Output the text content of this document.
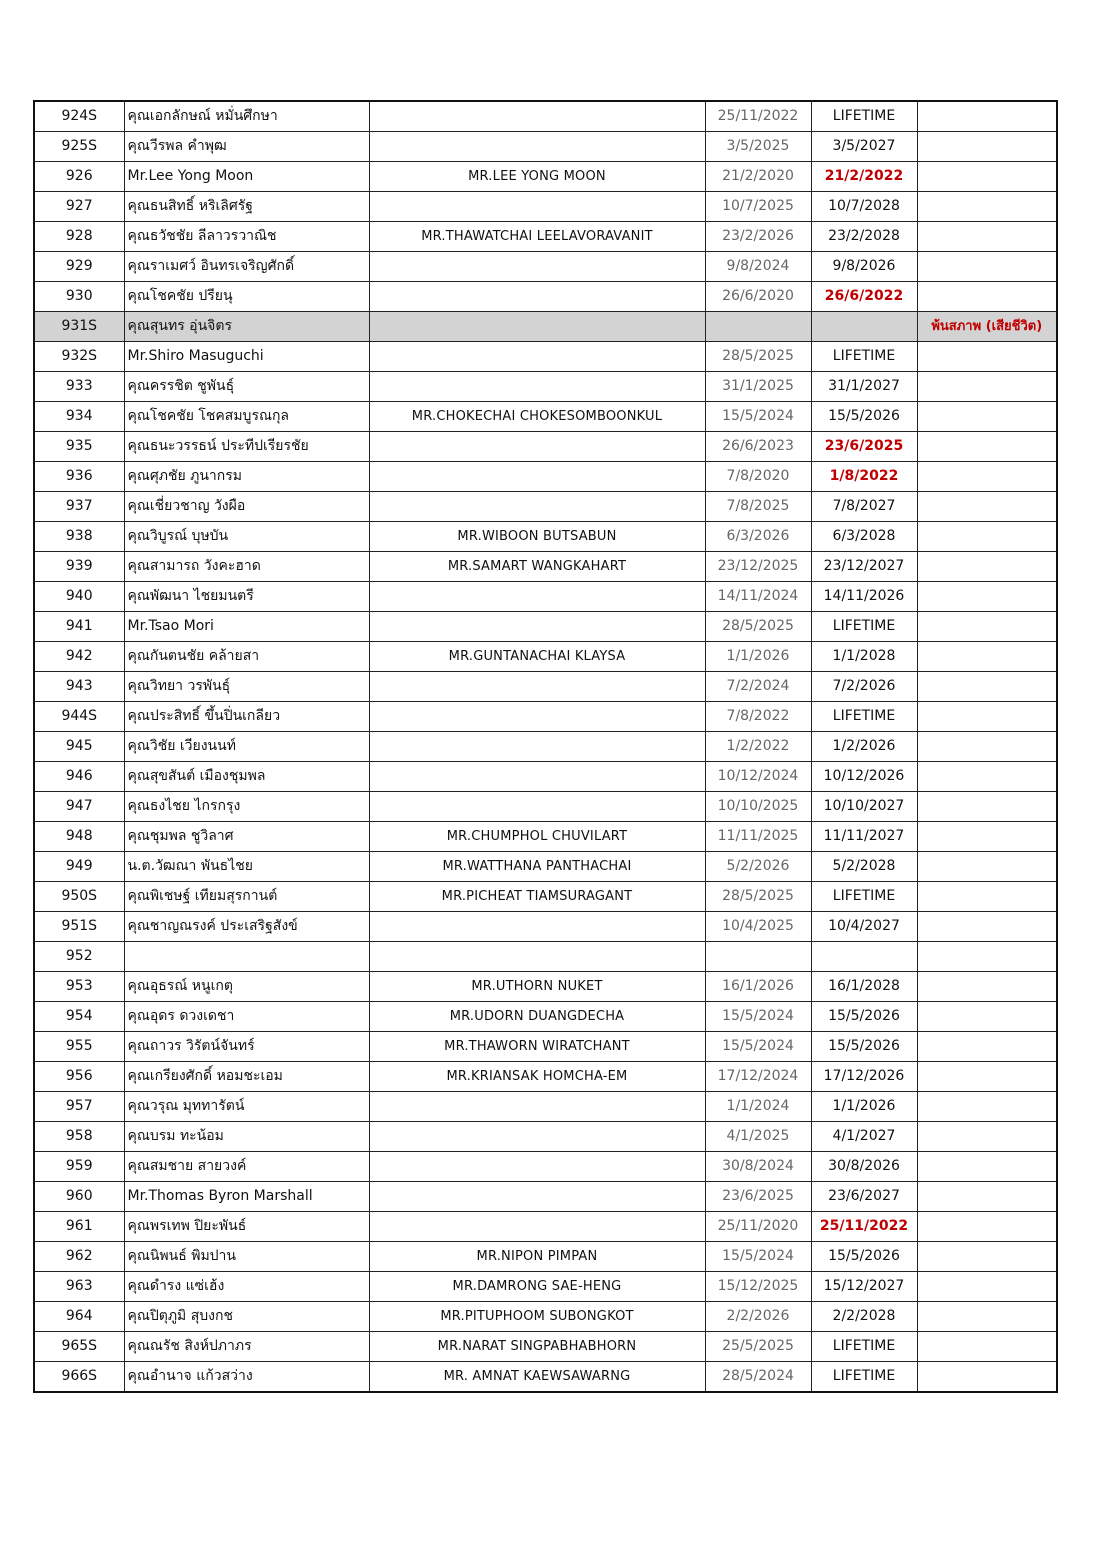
924S	คุณเอกลักษณ์ หมั่นศึกษา		25/11/2022	LIFETIME	
925S	คุณวีรพล คำพุฒ		3/5/2025	3/5/2027	
926	Mr.Lee Yong Moon	MR.LEE YONG MOON	21/2/2020	21/2/2022	
927	คุณธนสิทธิ์ หริเลิศรัฐ		10/7/2025	10/7/2028	
928	คุณธวัชชัย ลีลาวรวาณิช	MR.THAWATCHAI LEELAVORAVANIT	23/2/2026	23/2/2028	
929	คุณราเมศว์ อินทรเจริญศักดิ์		9/8/2024	9/8/2026	
930	คุณโชคชัย ปรียนุ		26/6/2020	26/6/2022	
931S	คุณสุนทร อุ่นจิตร				พ้นสภาพ (เสียชีวิต)
932S	Mr.Shiro Masuguchi		28/5/2025	LIFETIME	
933	คุณครรชิต ชูพันธุ์		31/1/2025	31/1/2027	
934	คุณโชคชัย โชคสมบูรณกุล	MR.CHOKECHAI CHOKESOMBOONKUL	15/5/2024	15/5/2026	
935	คุณธนะวรรธน์ ประทีปเรียรชัย		26/6/2023	23/6/2025	
936	คุณศุภชัย ภูนากรม		7/8/2020	1/8/2022	
937	คุณเชี่ยวชาญ วังผือ		7/8/2025	7/8/2027	
938	คุณวิบูรณ์ บุษบัน	MR.WIBOON BUTSABUN	6/3/2026	6/3/2028	
939	คุณสามารถ วังคะฮาด	MR.SAMART WANGKAHART	23/12/2025	23/12/2027	
940	คุณพัฒนา ไชยมนตรี		14/11/2024	14/11/2026	
941	Mr.Tsao Mori		28/5/2025	LIFETIME	
942	คุณกันตนชัย คล้ายสา	MR.GUNTANACHAI KLAYSA	1/1/2026	1/1/2028	
943	คุณวิทยา วรพันธุ์		7/2/2024	7/2/2026	
944S	คุณประสิทธิ์ ขึ้นปิ่นเกลียว		7/8/2022	LIFETIME	
945	คุณวิชัย เวียงนนท์		1/2/2022	1/2/2026	
946	คุณสุขสันต์ เมืองชุมพล		10/12/2024	10/12/2026	
947	คุณธงไชย ไกรกรุง		10/10/2025	10/10/2027	
948	คุณชุมพล ชูวิลาศ	MR.CHUMPHOL CHUVILART	11/11/2025	11/11/2027	
949	น.ต.วัฒณา พันธไชย	MR.WATTHANA PANTHACHAI	5/2/2026	5/2/2028	
950S	คุณพิเชษฐ์ เทียมสุรกานต์	MR.PICHEAT TIAMSURAGANT	28/5/2025	LIFETIME	
951S	คุณชาญณรงค์ ประเสริฐสังข์		10/4/2025	10/4/2027	
952					
953	คุณอุธรณ์ หนูเกตุ	MR.UTHORN NUKET	16/1/2026	16/1/2028	
954	คุณอุดร ดวงเดชา	MR.UDORN DUANGDECHA	15/5/2024	15/5/2026	
955	คุณถาวร วิรัตน์จันทร์	MR.THAWORN WIRATCHANT	15/5/2024	15/5/2026	
956	คุณเกรียงศักดิ์ หอมชะเอม	MR.KRIANSAK HOMCHA-EM	17/12/2024	17/12/2026	
957	คุณวรุณ มุททารัตน์		1/1/2024	1/1/2026	
958	คุณบรม ทะน้อม		4/1/2025	4/1/2027	
959	คุณสมชาย สายวงค์		30/8/2024	30/8/2026	
960	Mr.Thomas Byron Marshall		23/6/2025	23/6/2027	
961	คุณพรเทพ ปิยะพันธ์		25/11/2020	25/11/2022	
962	คุณนิพนธ์ พิมปาน	MR.NIPON PIMPAN	15/5/2024	15/5/2026	
963	คุณดำรง แซ่เฮ้ง	MR.DAMRONG SAE-HENG	15/12/2025	15/12/2027	
964	คุณปิตุภูมิ สุบงกช	MR.PITUPHOOM SUBONGKOT	2/2/2026	2/2/2028	
965S	คุณณรัช สิงห์ปภาภร	MR.NARAT SINGPABHABHORN	25/5/2025	LIFETIME	
966S	คุณอำนาจ แก้วสว่าง	MR. AMNAT KAEWSAWARNG	28/5/2024	LIFETIME	
